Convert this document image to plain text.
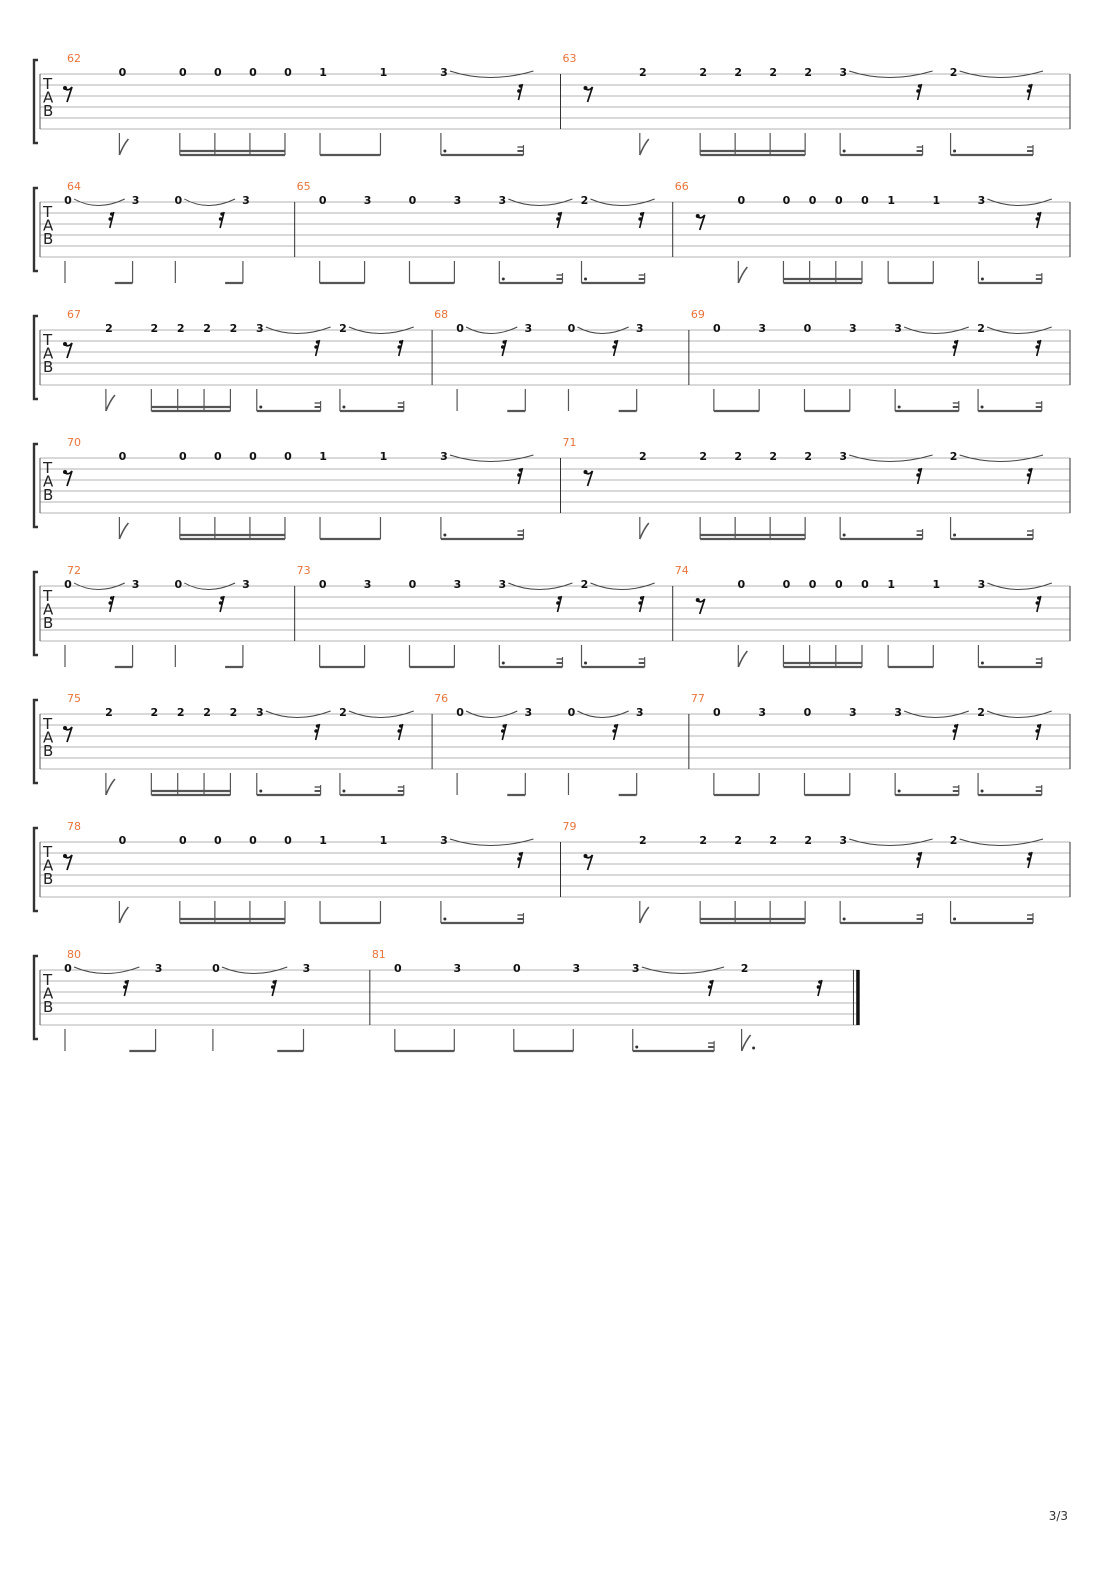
T
A
B
62
0	0 0 0 0 1	1	3
63
2	2 2 2 2 3	2
T
A
B
64
0	3	0	3
65
0	3	0	3	3	2
66
0	0 0 0 0 1	1	3
T
A
B
67
2	2 2 2 2 3	2
68
0	3	0	3
69
0	3	0	3	3	2
T
A
B
70
0	0 0 0 0 1	1	3
71
2	2 2 2 2 3	2
T
A
B
72
0	3	0	3
73
0	3	0	3	3	2
74
0	0 0 0 0 1	1	3
T
A
B
75
2	2 2 2 2 3	2
76
0	3	0	3
77
0	3	0	3	3	2
T
A
B
78
0	0 0 0 0 1	1	3
79
2	2 2 2 2 3	2
T
A
B
80
0	3	0	3
81
0	3	0	3	3	2
3/3
